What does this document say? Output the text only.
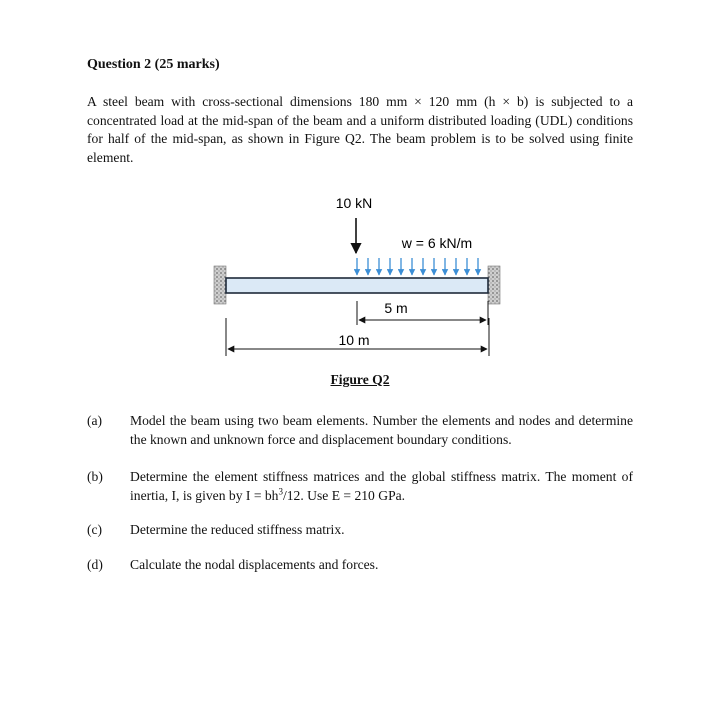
Question 2 (25 marks)
A steel beam with cross-sectional dimensions 180 mm × 120 mm (h × b) is subjected to a concentrated load at the mid-span of the beam and a uniform distributed loading (UDL) conditions for half of the mid-span, as shown in Figure Q2. The beam problem is to be solved using finite element.
10 kN
w = 6 kN/m
5 m
10 m
Figure Q2
(a) Model the beam using two beam elements. Number the elements and nodes and determine the known and unknown force and displacement boundary conditions.
(b) Determine the element stiffness matrices and the global stiffness matrix. The moment of inertia, I, is given by $I = bh^3/12$. Use E = 210 GPa.
(c) Determine the reduced stiffness matrix.
(d) Calculate the nodal displacements and forces.
